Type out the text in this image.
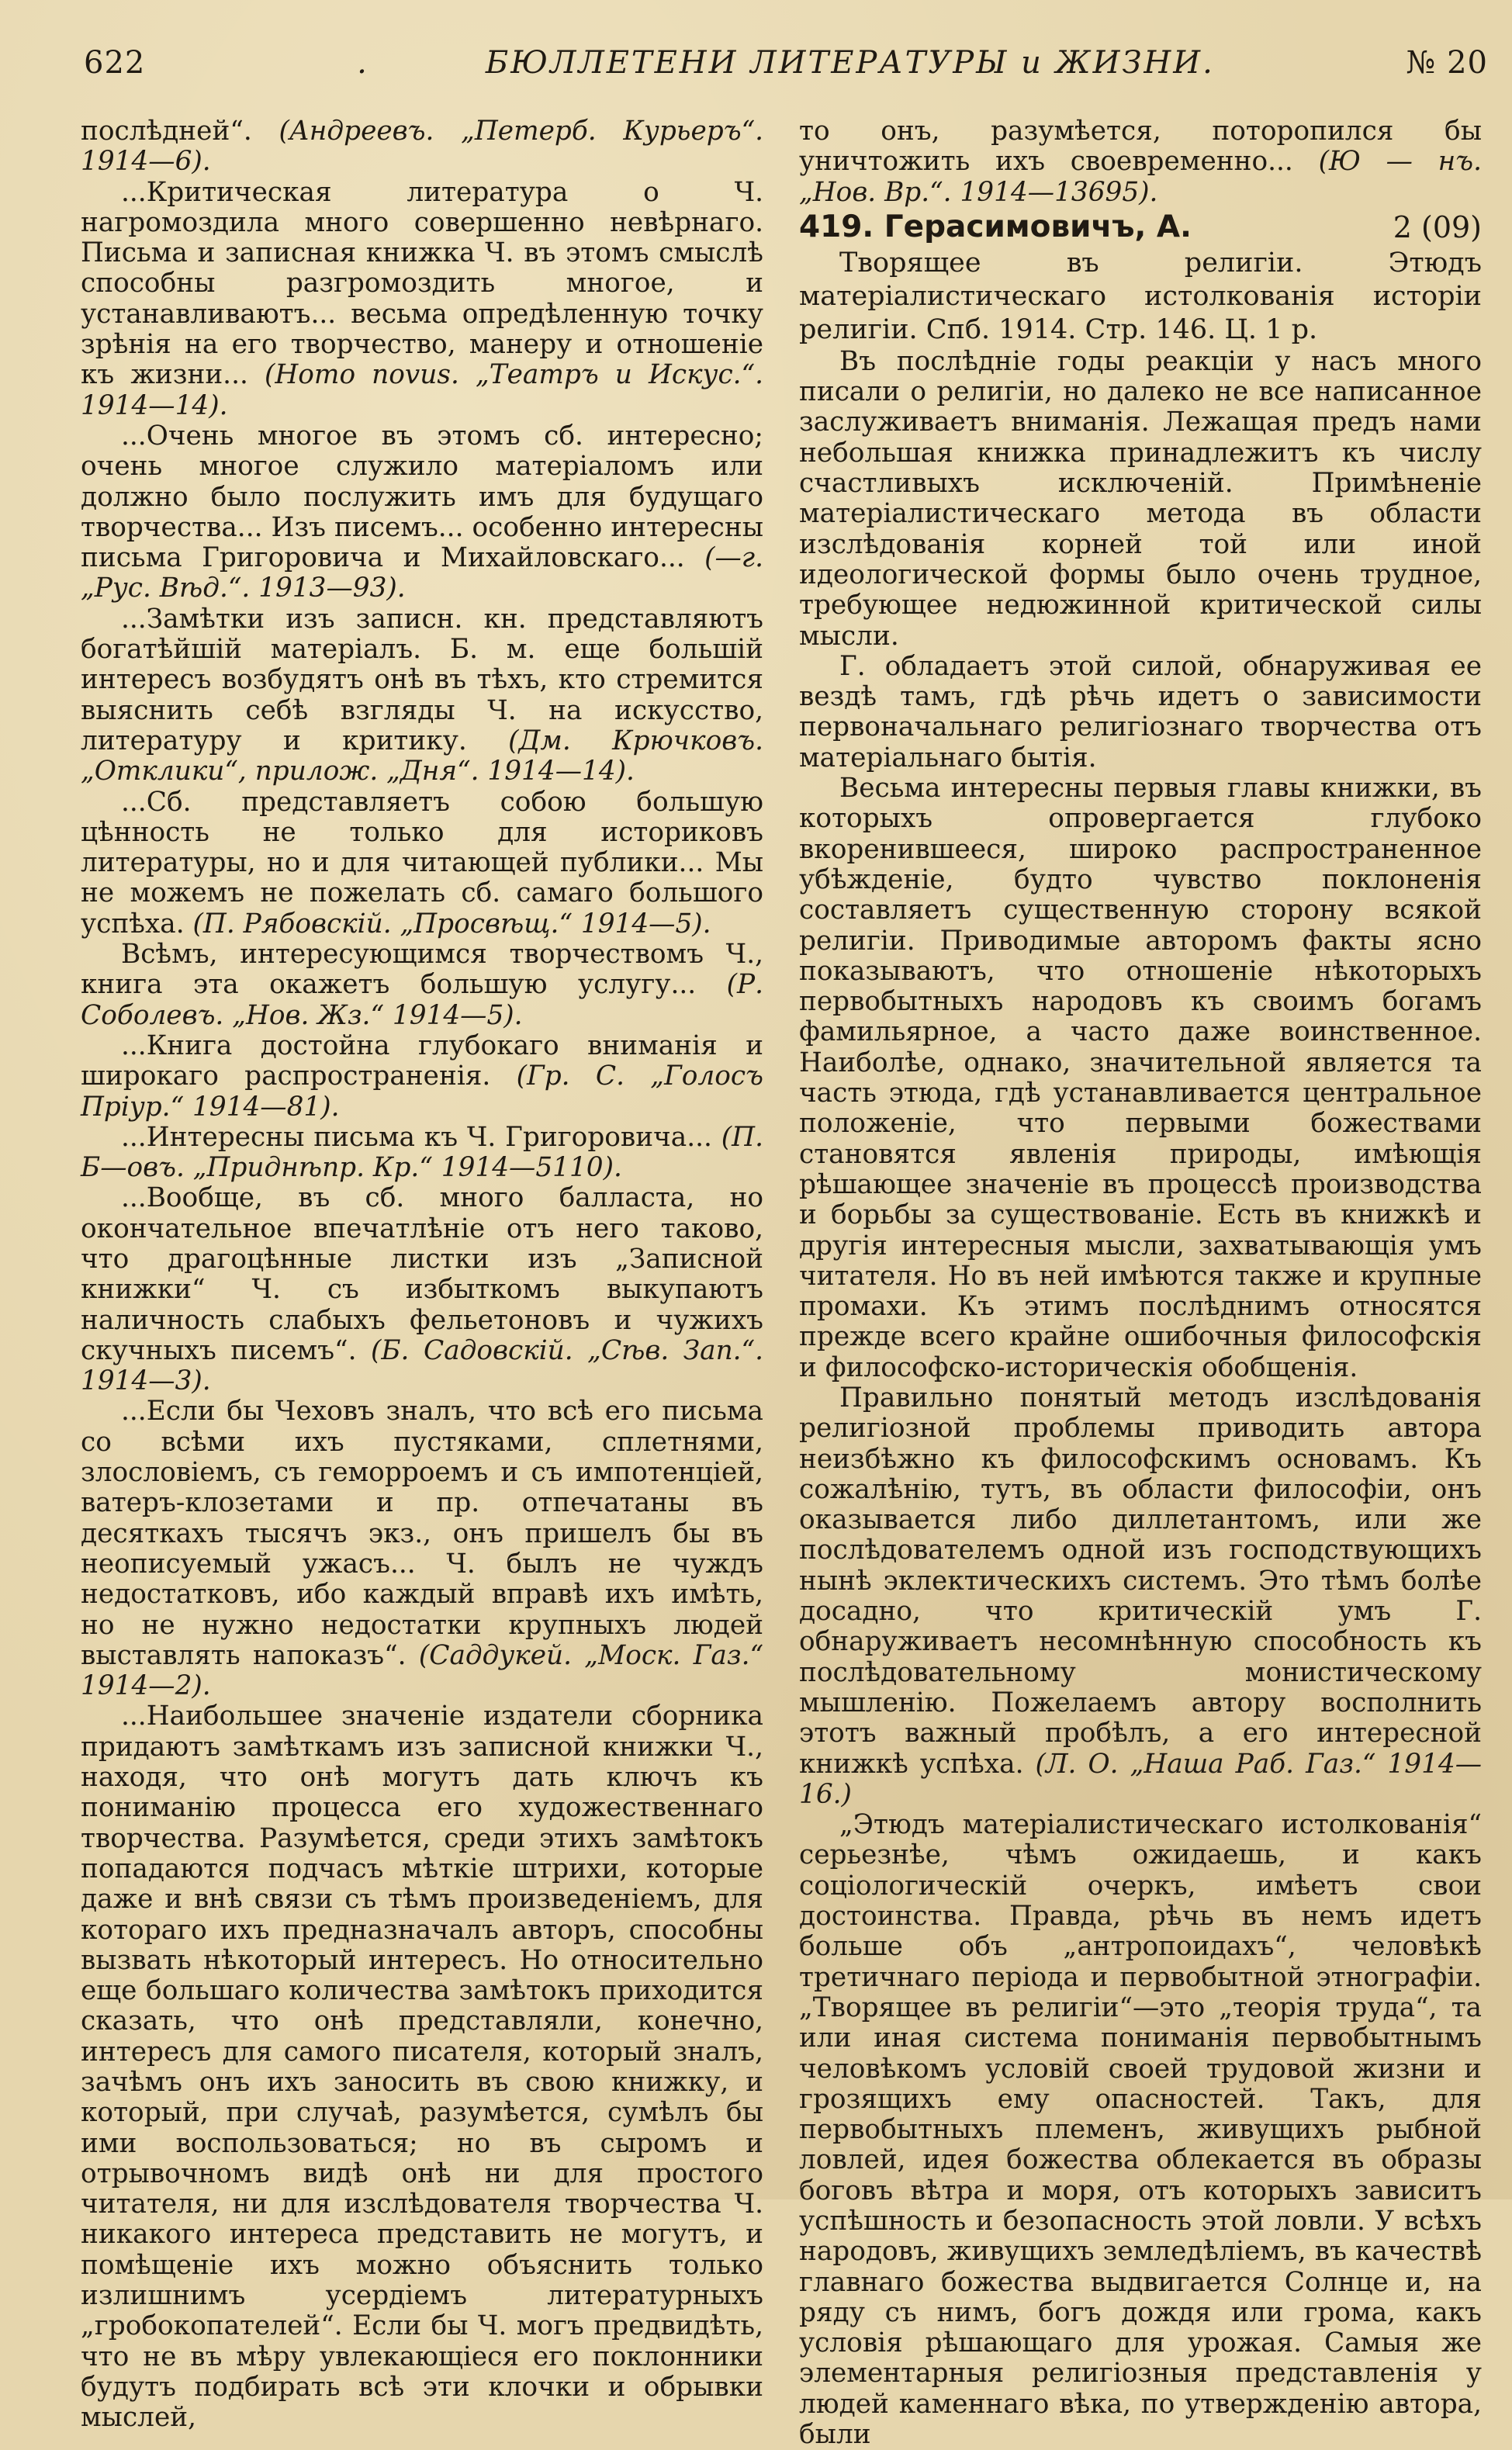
622	.	БЮЛЛЕТЕНИ ЛИТЕРАТУРЫ и ЖИЗНИ.	№ 20

послѣдней“. (Андреевъ. „Петерб. Курьеръ“. 1914—6).

...Критическая литература о Ч. нагромоздила много совершенно невѣрнаго. Письма и записная книжка Ч. въ этомъ смыслѣ способны разгромоздить многое, и устанавливаютъ... весьма опредѣленную точку зрѣнія на его творчество, манеру и отношеніе къ жизни... (Homo novus. „Театръ и Искус.“. 1914—14).

...Очень многое въ этомъ сб. интересно; очень многое служило матеріаломъ или должно было послужить имъ для будущаго творчества... Изъ писемъ... особенно интересны письма Григоровича и Михайловскаго... (—г. „Рус. Вѣд.“. 1913—93).

...Замѣтки изъ записн. кн. представляютъ богатѣйшій матеріалъ. Б. м. еще большій интересъ возбудятъ онѣ въ тѣхъ, кто стремится выяснить себѣ взгляды Ч. на искусство, литературу и критику. (Дм. Крючковъ. „Отклики“, прилож. „Дня“. 1914—14).

...Сб. представляетъ собою большую цѣнность не только для историковъ литературы, но и для читающей публики... Мы не можемъ не пожелать сб. самаго большого успѣха. (П. Рябовскій. „Просвѣщ.“ 1914—5).

Всѣмъ, интересующимся творчествомъ Ч., книга эта окажетъ большую услугу... (Р. Соболевъ. „Нов. Жз.“ 1914—5).

...Книга достойна глубокаго вниманія и широкаго распространенія. (Гр. С. „Голосъ Пріур.“ 1914—81).

...Интересны письма къ Ч. Григоровича... (П. Б—овъ. „Приднѣпр. Кр.“ 1914—5110).

...Вообще, въ сб. много балласта, но окончательное впечатлѣніе отъ него таково, что драгоцѣнные листки изъ „Записной книжки“ Ч. съ избыткомъ выкупаютъ наличность слабыхъ фельетоновъ и чужихъ скучныхъ писемъ“. (Б. Садовскій. „Сѣв. Зап.“. 1914—3).

...Если бы Чеховъ зналъ, что всѣ его письма со всѣми ихъ пустяками, сплетнями, злословіемъ, съ геморроемъ и съ импотенціей, ватеръ-клозетами и пр. отпечатаны въ десяткахъ тысячъ экз., онъ пришелъ бы въ неописуемый ужасъ... Ч. былъ не чуждъ недостатковъ, ибо каждый вправѣ ихъ имѣть, но не нужно недостатки крупныхъ людей выставлять напоказъ“. (Саддукей. „Моск. Газ.“ 1914—2).

...Наибольшее значеніе издатели сборника придаютъ замѣткамъ изъ записной книжки Ч., находя, что онѣ могутъ дать ключъ къ пониманію процесса его художественнаго творчества. Разумѣется, среди этихъ замѣтокъ попадаются подчасъ мѣткіе штрихи, которые даже и внѣ связи съ тѣмъ произведеніемъ, для котораго ихъ предназначалъ авторъ, способны вызвать нѣкоторый интересъ. Но относительно еще большаго количества замѣтокъ приходится сказать, что онѣ представляли, конечно, интересъ для самого писателя, который зналъ, зачѣмъ онъ ихъ заносить въ свою книжку, и который, при случаѣ, разумѣется, сумѣлъ бы ими воспользоваться; но въ сыромъ и отрывочномъ видѣ онѣ ни для простого читателя, ни для изслѣдователя творчества Ч. никакого интереса представить не могутъ, и помѣщеніе ихъ можно объяснить только излишнимъ усердіемъ литературныхъ „гробокопателей“. Если бы Ч. могъ предвидѣть, что не въ мѣру увлекающіеся его поклонники будутъ подбирать всѣ эти клочки и обрывки мыслей,

то онъ, разумѣется, поторопился бы уничтожить ихъ своевременно... (Ю — нъ. „Нов. Вр.“. 1914—13695).

419. Герасимовичъ, А.	2 (09)

Творящее въ религіи. Этюдъ матеріалистическаго истолкованія исторіи религіи. Спб. 1914. Стр. 146. Ц. 1 р.

Въ послѣдніе годы реакціи у насъ много писали о религіи, но далеко не все написанное заслуживаетъ вниманія. Лежащая предъ нами небольшая книжка принадлежитъ къ числу счастливыхъ исключеній. Примѣненіе матеріалистическаго метода въ области изслѣдованія корней той или иной идеологической формы было очень трудное, требующее недюжинной критической силы мысли.

Г. обладаетъ этой силой, обнаруживая ее вездѣ тамъ, гдѣ рѣчь идетъ о зависимости первоначальнаго религіознаго творчества отъ матеріальнаго бытія.

Весьма интересны первыя главы книжки, въ которыхъ опровергается глубоко вкоренившееся, широко распространенное убѣжденіе, будто чувство поклоненія составляетъ существенную сторону всякой религіи. Приводимые авторомъ факты ясно показываютъ, что отношеніе нѣкоторыхъ первобытныхъ народовъ къ своимъ богамъ фамильярное, а часто даже воинственное. Наиболѣе, однако, значительной является та часть этюда, гдѣ устанавливается центральное положеніе, что первыми божествами становятся явленія природы, имѣющія рѣшающее значеніе въ процессѣ производства и борьбы за существованіе. Есть въ книжкѣ и другія интересныя мысли, захватывающія умъ читателя. Но въ ней имѣются также и крупные промахи. Къ этимъ послѣднимъ относятся прежде всего крайне ошибочныя философскія и философско-историческія обобщенія.

Правильно понятый методъ изслѣдованія религіозной проблемы приводить автора неизбѣжно къ философскимъ основамъ. Къ сожалѣнію, тутъ, въ области философіи, онъ оказывается либо диллетантомъ, или же послѣдователемъ одной изъ господствующихъ нынѣ эклектическихъ системъ. Это тѣмъ болѣе досадно, что критическій умъ Г. обнаруживаетъ несомнѣнную способность къ послѣдовательному монистическому мышленію. Пожелаемъ автору восполнить этотъ важный пробѣлъ, а его интересной книжкѣ успѣха. (Л. О. „Наша Раб. Газ.“ 1914—16.)

„Этюдъ матеріалистическаго истолкованія“ серьезнѣе, чѣмъ ожидаешь, и какъ соціологическій очеркъ, имѣетъ свои достоинства. Правда, рѣчь въ немъ идетъ больше объ „антропоидахъ“, человѣкѣ третичнаго періода и первобытной этнографіи. „Творящее въ религіи“—это „теорія труда“, та или иная система пониманія первобытнымъ человѣкомъ условій своей трудовой жизни и грозящихъ ему опасностей. Такъ, для первобытныхъ племенъ, живущихъ рыбной ловлей, идея божества облекается въ образы боговъ вѣтра и моря, отъ которыхъ зависитъ успѣшность и безопасность этой ловли. У всѣхъ народовъ, живущихъ земледѣліемъ, въ качествѣ главнаго божества выдвигается Солнце и, на ряду съ нимъ, богъ дождя или грома, какъ условія рѣшающаго для урожая. Самыя же элементарныя религіозныя представленія у людей каменнаго вѣка, по утвержденію автора, были
